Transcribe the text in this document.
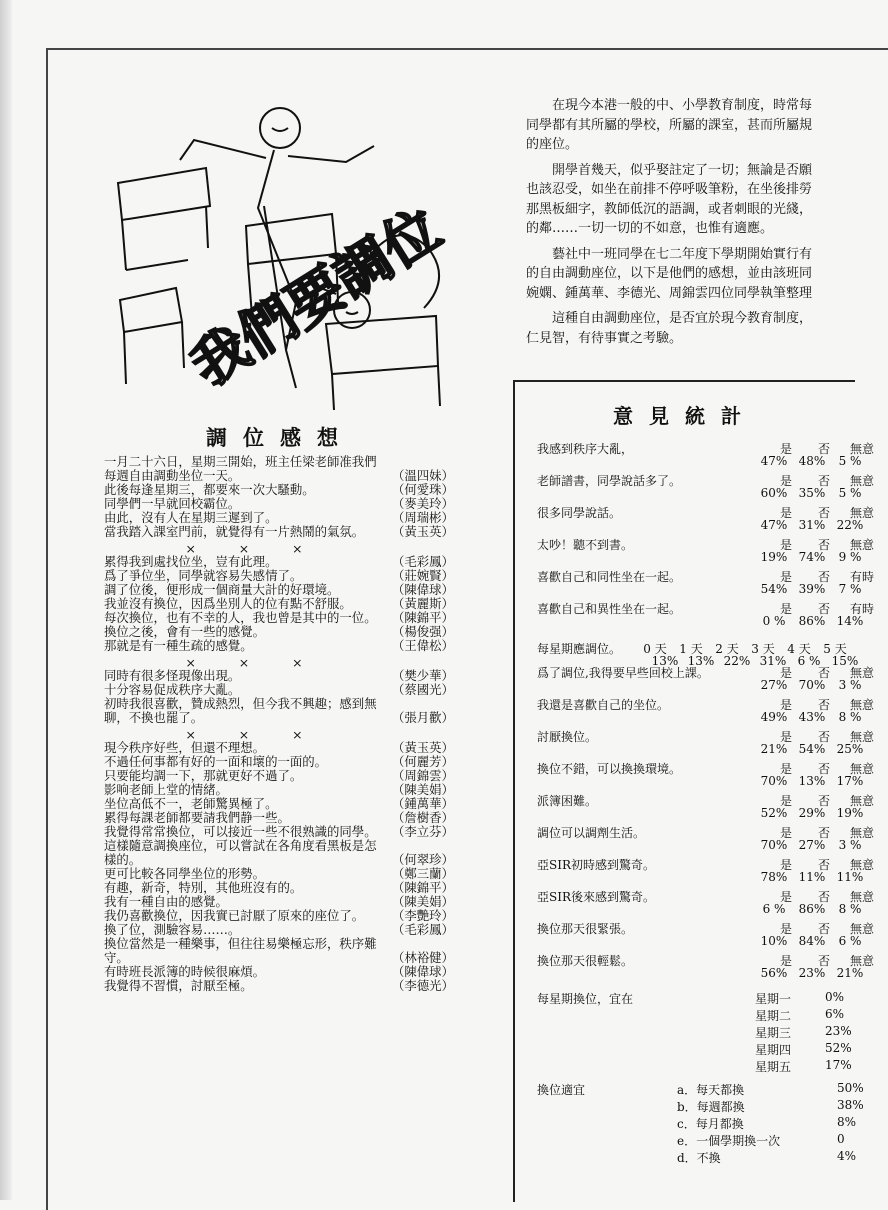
我們要調位

　　在現今本港一般的中、小學教育制度，時常每
同學都有其所屬的學校，所屬的課室，甚而所屬規
的座位。

　　開學首幾天，似乎娶註定了一切；無論是否願
也該忍受，如坐在前排不停呼吸筆粉，在坐後排勞
那黑板細字，教師低沉的語調，或者刺眼的光綫，
的鄰……一切一切的不如意，也惟有適應。

　　藝社中一班同學在七二年度下學期開始實行有
的自由調動座位，以下是他們的感想，並由該班同
婉嫻、鍾萬華、李德光、周錦雲四位同學執筆整理

　　這種自由調動座位，是否宜於現今教育制度，
仁見智，有待事實之考驗。

意見統計
我感到秩序大亂，	是 否 無意
47% 48% 5 %
老師譜書，同學說話多了。	是 否 無意
60% 35% 5 %
很多同學說話。	是 否 無意
47% 31% 22%
太吵！聽不到書。	是 否 無意
19% 74% 9 %
喜歡自己和同性坐在一起。	是 否 有時
54% 39% 7 %
喜歡自己和異性坐在一起。	是 否 有時
0 % 86% 14%
每星期應調位。	0 天 1 天 2 天 3 天 4 天 5 天
13% 13% 22% 31% 6 % 15%
爲了調位,我得要早些回校上課。	是 否 無意
27% 70% 3 %
我還是喜歡自己的坐位。	是 否 無意
49% 43% 8 %
討厭換位。	是 否 無意
21% 54% 25%
換位不錯，可以換換環境。	是 否 無意
70% 13% 17%
派簿困難。	是 否 無意
52% 29% 19%
調位可以調劑生活。	是 否 無意
70% 27% 3 %
亞SIR初時感到驚奇。	是 否 無意
78% 11% 11%
亞SIR後來感到驚奇。	是 否 無意
6 % 86% 8 %
換位那天很緊張。	是 否 無意
10% 84% 6 %
換位那天很輕鬆。	是 否 無意
56% 23% 21%
每星期換位，宜在	星期一	0%
星期二	6%
星期三	23%
星期四	52%
星期五	17%
換位適宜	a．每天都換	50%
b．每週都換	38%
c．每月都換	8%
e．一個學期換一次	0
d．不換	4%
調位感想
一月二十六日，星期三開始，班主任梁老師准我們每週自由調動坐位一天。	（溫四妹）
此後每逢星期三，都要來一次大騷動。	（何愛珠）
同學們一早就回校霸位。	（麥美玲）
由此，沒有人在星期三遲到了。	（周瑞彬）
當我踏入課室門前，就覺得有一片熱鬧的氣氛。	（黃玉英）
×	×	×
累得我到處找位坐，豈有此理。	（毛彩鳳）
爲了爭位坐，同學就容易失感情了。	（莊婉賢）
調了位後，便形成一個商量大計的好環境。	（陳偉球）
我並沒有換位，因爲坐別人的位有點不舒服。	（黃麗斯）
每次換位，也有不幸的人，我也曾是其中的一位。	（陳錦平）
換位之後，會有一些的感覺。	（楊俊强）
那就是有一種生疏的感覺。	（王偉松）
×	×	×
同時有很多怪現像出現。	（樊少華）
十分容易促成秩序大亂。	（蔡國光）
初時我很喜歡，贊成熱烈，但今我不興趣；感到無聊，不換也罷了。	（張月歡）
×	×	×
現今秩序好些，但還不理想。	（黃玉英）
不過任何事都有好的一面和壞的一面的。	（何麗芳）
只要能均調一下，那就更好不過了。	（周錦雲）
影响老師上堂的情緒。	（陳美娟）
坐位高低不一，老師驚異極了。	（鍾萬華）
累得每課老師都要請我們静一些。	（詹樹香）
我覺得常常換位，可以接近一些不很熟識的同學。	（李立芬）
這樣隨意調換座位，可以嘗試在各角度看黑板是怎樣的。	（何翠珍）
更可比較各同學坐位的形勢。	（鄭三蘭）
有趣，新奇，特別，其他班沒有的。	（陳錦平）
我有一種自由的感覺。	（陳美娟）
我仍喜歡換位，因我實已討厭了原來的座位了。	（李艷玲）
換了位，測驗容易……。	（毛彩鳳）
換位當然是一種樂事，但往往易樂極忘形，秩序難守。	（林裕健）
有時班長派簿的時候很麻煩。	（陳偉球）
我覺得不習慣，討厭至極。	（李德光）
